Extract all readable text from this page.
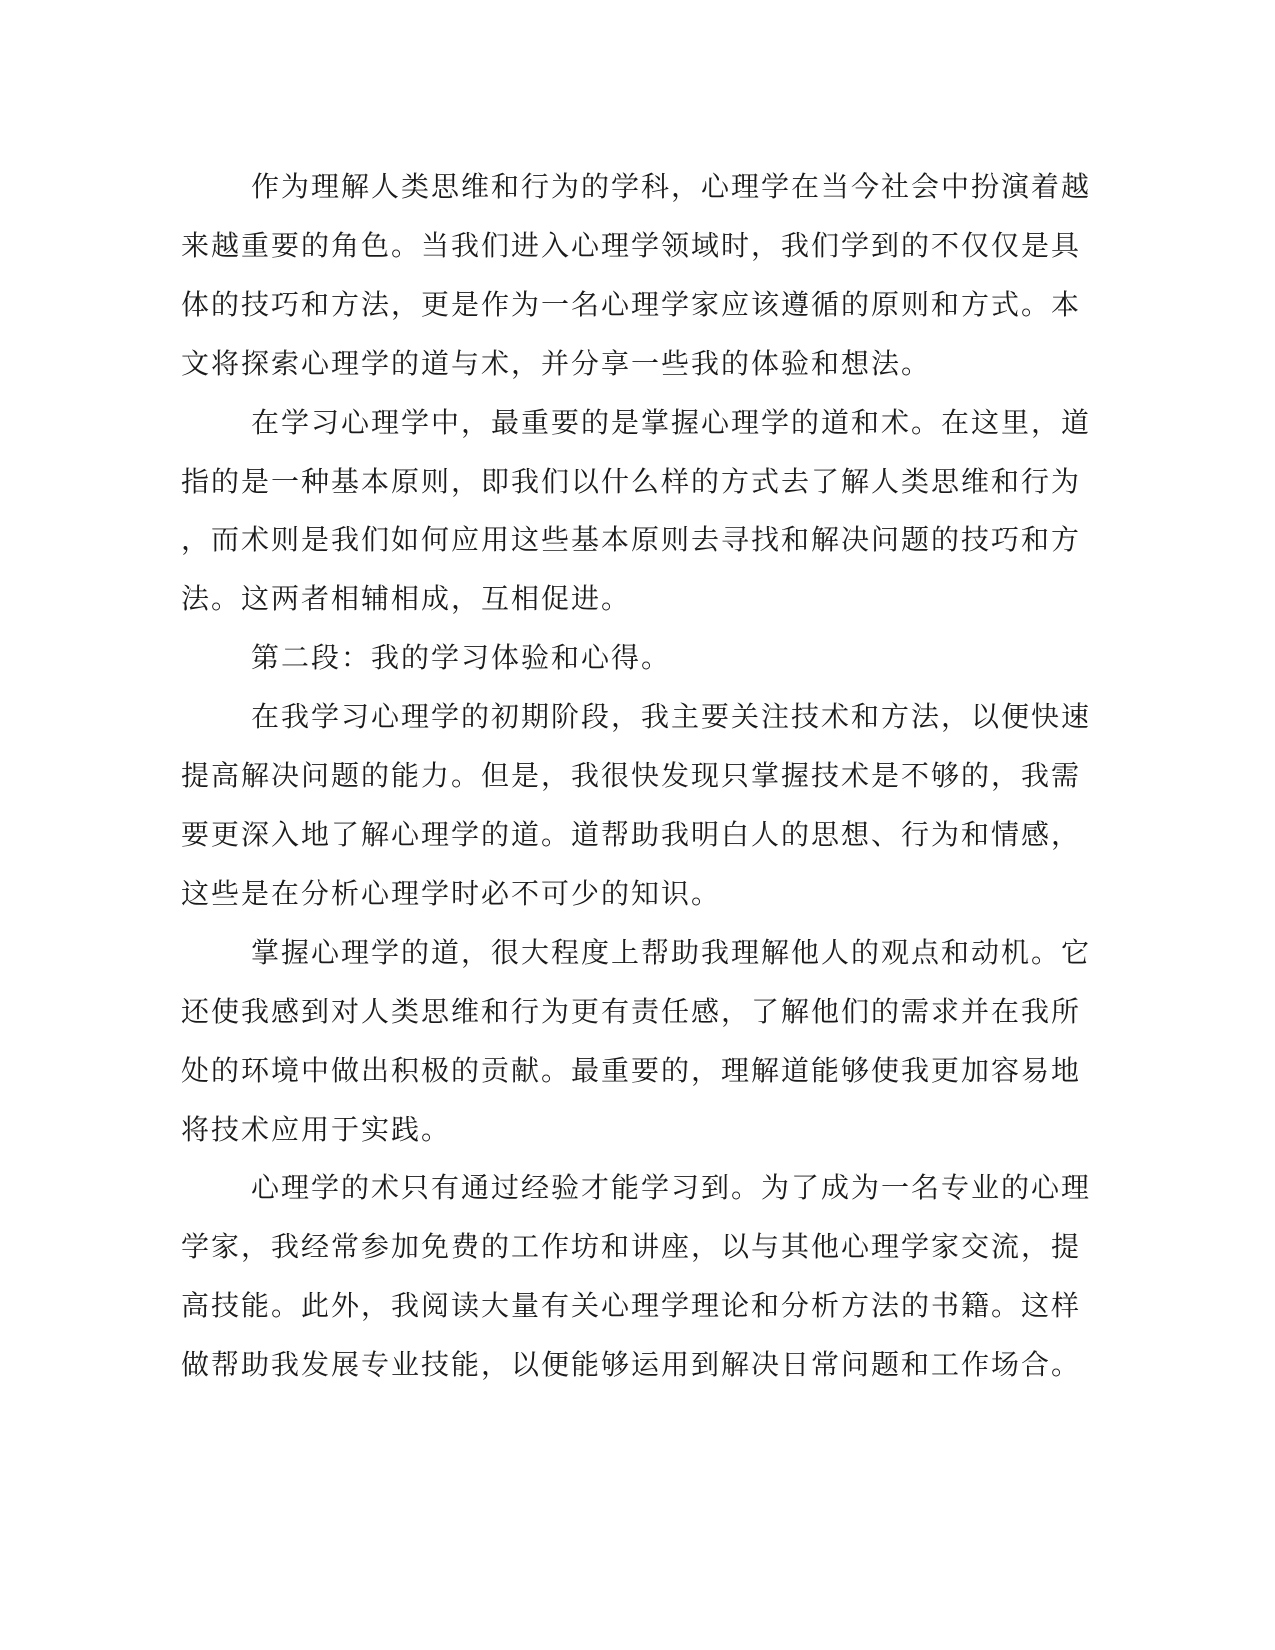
作为理解人类思维和行为的学科，心理学在当今社会中扮演着越
来越重要的角色。当我们进入心理学领域时，我们学到的不仅仅是具
体的技巧和方法，更是作为一名心理学家应该遵循的原则和方式。本
文将探索心理学的道与术，并分享一些我的体验和想法。

在学习心理学中，最重要的是掌握心理学的道和术。在这里，道
指的是一种基本原则，即我们以什么样的方式去了解人类思维和行为
，而术则是我们如何应用这些基本原则去寻找和解决问题的技巧和方
法。这两者相辅相成，互相促进。

第二段：我的学习体验和心得。

在我学习心理学的初期阶段，我主要关注技术和方法，以便快速
提高解决问题的能力。但是，我很快发现只掌握技术是不够的，我需
要更深入地了解心理学的道。道帮助我明白人的思想、行为和情感，
这些是在分析心理学时必不可少的知识。

掌握心理学的道，很大程度上帮助我理解他人的观点和动机。它
还使我感到对人类思维和行为更有责任感，了解他们的需求并在我所
处的环境中做出积极的贡献。最重要的，理解道能够使我更加容易地
将技术应用于实践。

心理学的术只有通过经验才能学习到。为了成为一名专业的心理
学家，我经常参加免费的工作坊和讲座，以与其他心理学家交流，提
高技能。此外，我阅读大量有关心理学理论和分析方法的书籍。这样
做帮助我发展专业技能，以便能够运用到解决日常问题和工作场合。
